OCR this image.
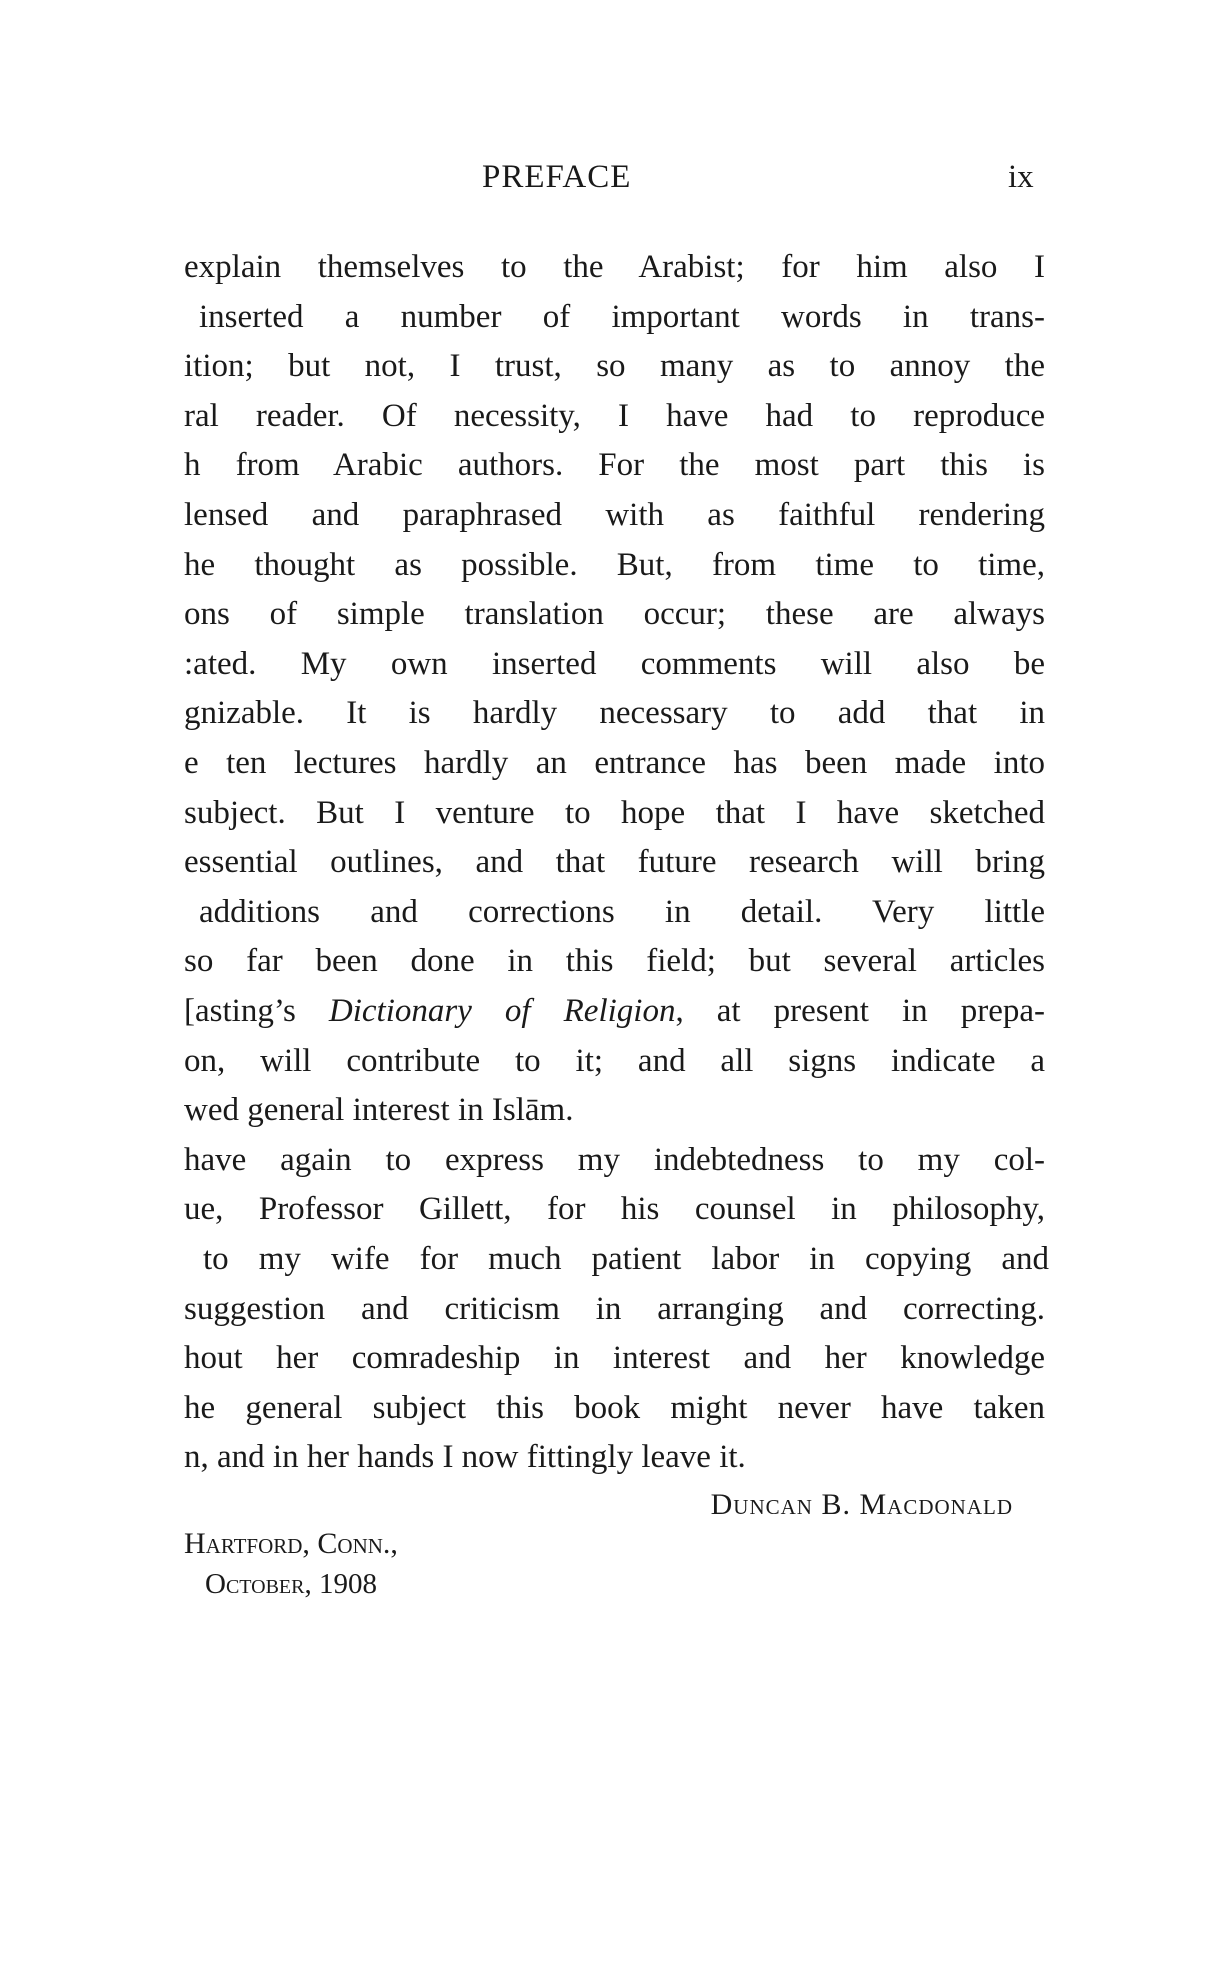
PREFACE	ix
explain themselves to the Arabist; for him also I
inserted a number of important words in trans-
ition; but not, I trust, so many as to annoy the
ral reader. Of necessity, I have had to reproduce
h from Arabic authors. For the most part this is
lensed and paraphrased with as faithful rendering
he thought as possible. But, from time to time,
ons of simple translation occur; these are always
:ated. My own inserted comments will also be
gnizable. It is hardly necessary to add that in
e ten lectures hardly an entrance has been made into
subject. But I venture to hope that I have sketched
essential outlines, and that future research will bring
additions and corrections in detail. Very little
so far been done in this field; but several articles
[asting’s Dictionary of Religion, at present in prepa-
on, will contribute to it; and all signs indicate a
wed general interest in Islām.
have again to express my indebtedness to my col-
ue, Professor Gillett, for his counsel in philosophy,
to my wife for much patient labor in copying and
suggestion and criticism in arranging and correcting.
hout her comradeship in interest and her knowledge
he general subject this book might never have taken
n, and in her hands I now fittingly leave it.
Duncan B. Macdonald
Hartford, Conn.,
October, 1908
